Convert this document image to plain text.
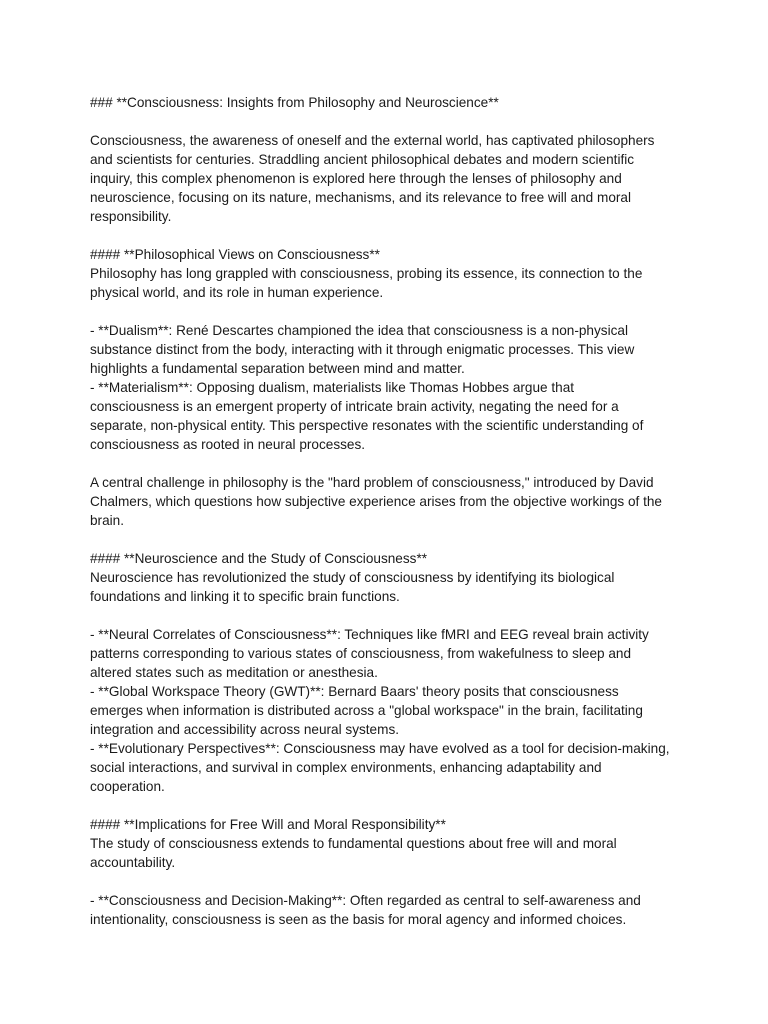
### **Consciousness: Insights from Philosophy and Neuroscience**
Consciousness, the awareness of oneself and the external world, has captivated philosophers
and scientists for centuries. Straddling ancient philosophical debates and modern scientific
inquiry, this complex phenomenon is explored here through the lenses of philosophy and
neuroscience, focusing on its nature, mechanisms, and its relevance to free will and moral
responsibility.
#### **Philosophical Views on Consciousness**
Philosophy has long grappled with consciousness, probing its essence, its connection to the
physical world, and its role in human experience.
- **Dualism**: René Descartes championed the idea that consciousness is a non-physical
substance distinct from the body, interacting with it through enigmatic processes. This view
highlights a fundamental separation between mind and matter.
- **Materialism**: Opposing dualism, materialists like Thomas Hobbes argue that
consciousness is an emergent property of intricate brain activity, negating the need for a
separate, non-physical entity. This perspective resonates with the scientific understanding of
consciousness as rooted in neural processes.
A central challenge in philosophy is the "hard problem of consciousness," introduced by David
Chalmers, which questions how subjective experience arises from the objective workings of the
brain.
#### **Neuroscience and the Study of Consciousness**
Neuroscience has revolutionized the study of consciousness by identifying its biological
foundations and linking it to specific brain functions.
- **Neural Correlates of Consciousness**: Techniques like fMRI and EEG reveal brain activity
patterns corresponding to various states of consciousness, from wakefulness to sleep and
altered states such as meditation or anesthesia.
- **Global Workspace Theory (GWT)**: Bernard Baars' theory posits that consciousness
emerges when information is distributed across a "global workspace" in the brain, facilitating
integration and accessibility across neural systems.
- **Evolutionary Perspectives**: Consciousness may have evolved as a tool for decision-making,
social interactions, and survival in complex environments, enhancing adaptability and
cooperation.
#### **Implications for Free Will and Moral Responsibility**
The study of consciousness extends to fundamental questions about free will and moral
accountability.
- **Consciousness and Decision-Making**: Often regarded as central to self-awareness and
intentionality, consciousness is seen as the basis for moral agency and informed choices.
